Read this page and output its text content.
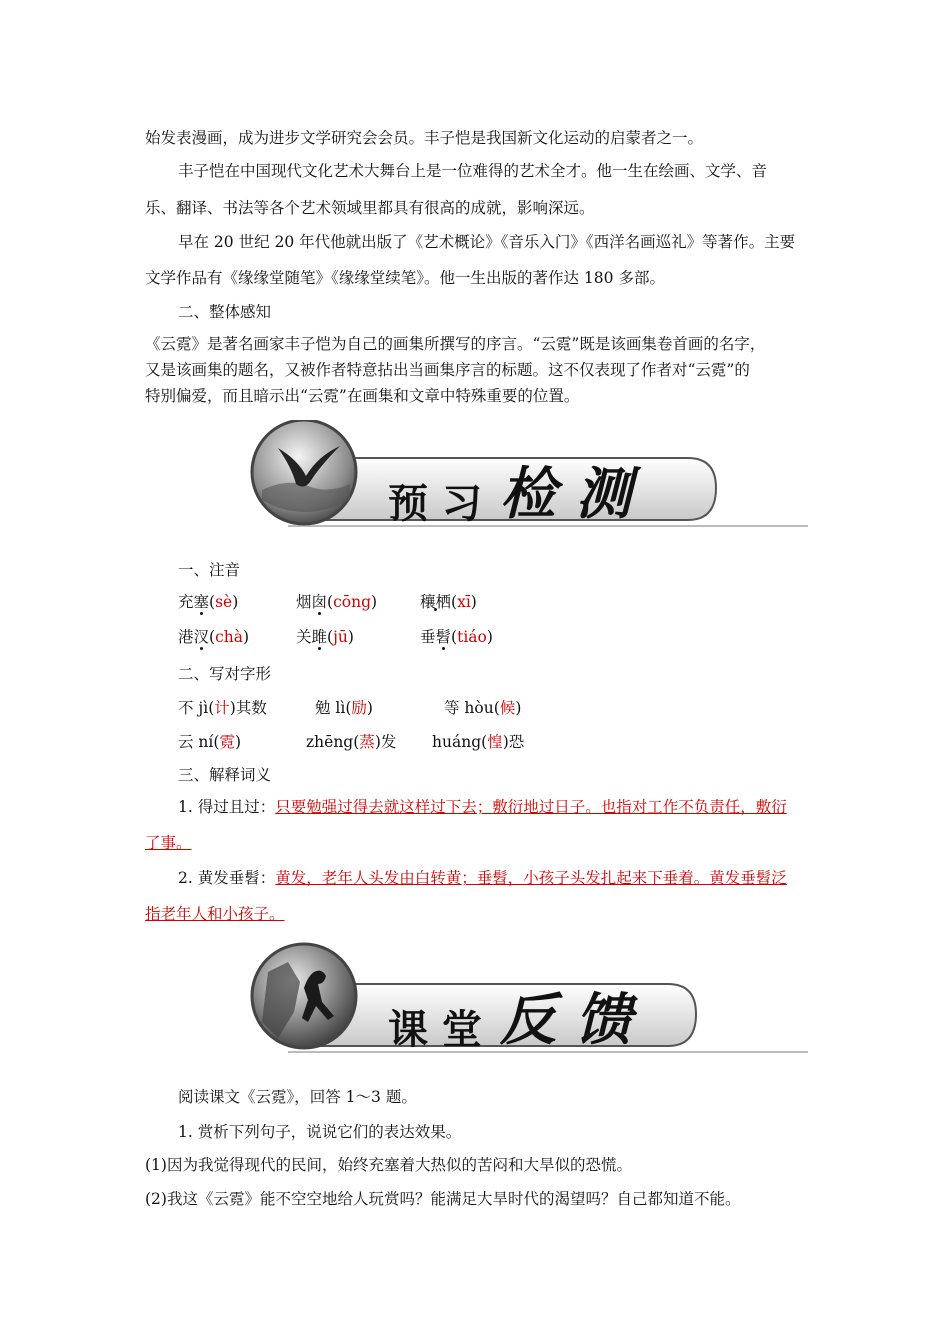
始发表漫画，成为进步文学研究会会员。丰子恺是我国新文化运动的启蒙者之一。
丰子恺在中国现代文化艺术大舞台上是一位难得的艺术全才。他一生在绘画、文学、音
乐、翻译、书法等各个艺术领域里都具有很高的成就，影响深远。
早在 20 世纪 20 年代他就出版了《艺术概论》《音乐入门》《西洋名画巡礼》等著作。主要
文学作品有《缘缘堂随笔》《缘缘堂续笔》。他一生出版的著作达 180 多部。
二、整体感知
《云霓》是著名画家丰子恺为自己的画集所撰写的序言。“云霓”既是该画集卷首画的名字，
又是该画集的题名，又被作者特意拈出当画集序言的标题。这不仅表现了作者对“云霓”的
特别偏爱，而且暗示出“云霓”在画集和文章中特殊重要的位置。
预 习 检 测
一、注音
充塞(sè)	烟囱(cōng)	穰栖(xī)
港汊(chà)	关雎(jū)	垂髫(tiáo)
二、写对字形
不 jì(计)其数	勉 lì(励)	等 hòu(候)
云 ní(霓)	zhēng(蒸)发 huáng(惶)恐
三、解释词义
1. 得过且过：只要勉强过得去就这样过下去；敷衍地过日子。也指对工作不负责任，敷衍
了事。
2. 黄发垂髫：黄发，老年人头发由白转黄；垂髫，小孩子头发扎起来下垂着。黄发垂髫泛
指老年人和小孩子。
课 堂 反 馈
阅读课文《云霓》，回答 1～3 题。
1. 赏析下列句子，说说它们的表达效果。
(1)因为我觉得现代的民间，始终充塞着大热似的苦闷和大旱似的恐慌。
(2)我这《云霓》能不空空地给人玩赏吗？能满足大旱时代的渴望吗？自己都知道不能。
